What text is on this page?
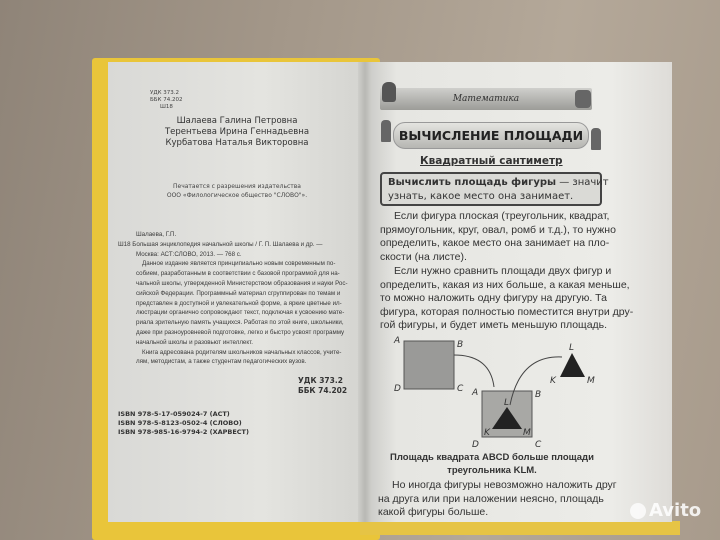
УДК 373.2
ББК 74.202
Ш18
Шалаева Галина Петровна
Терентьева Ирина Геннадьевна
Курбатова Наталья Викторовна
Печатается с разрешения издательства
ООО «Филологическое общество "СЛОВО"».
Шалаева, Г.П.
Ш18 Большая энциклопедия начальной школы / Г. П. Шалаева и др. —
Москва: АСТ:СЛОВО, 2013. — 768 с.
Данное издание является принципиально новым современным по-
собием, разработанным в соответствии с базовой программой для на-
чальной школы, утвержденной Министерством образования и науки Рос-
сийской Федерации. Программный материал сгруппирован по темам и
представлен в доступной и увлекательной форме, а яркие цветные ил-
люстрации органично сопровождают текст, подключая к усвоению мате-
риала зрительную память учащихся. Работая по этой книге, школьники,
даже при разноуровневой подготовке, легко и быстро усвоят программу
начальной школы и разовьют интеллект.
Книга адресована родителям школьников начальных классов, учите-
лям, методистам, а также студентам педагогических вузов.
УДК 373.2
ББК 74.202
ISBN 978-5-17-059024-7 (АСТ)
ISBN 978-5-8123-0502-4 (СЛОВО)
ISBN 978-985-16-9794-2 (ХАРВЕСТ)
Математика
ВЫЧИСЛЕНИЕ ПЛОЩАДИ
Квадратный сантиметр
Вычислить площадь фигуры — значит
узнать, какое место она занимает.
Если фигура плоская (треугольник, квадрат,
прямоугольник, круг, овал, ромб и т.д.), то нужно
определить, какое место она занимает на пло-
скости (на листе).
Если нужно сравнить площади двух фигур и
определить, какая из них больше, а какая меньше,
то можно наложить одну фигуру на другую. Та
фигура, которая полностью поместится внутри дру-
гой фигуры, и будет иметь меньшую площадь.
A	B
C
D	A	B
C
D
L
K	M
L
K	M
Площадь квадрата ABCD больше площади
треугольника KLM.
Но иногда фигуры невозможно наложить друг
на друга или при наложении неясно, площадь
какой фигуры больше.	Avito
